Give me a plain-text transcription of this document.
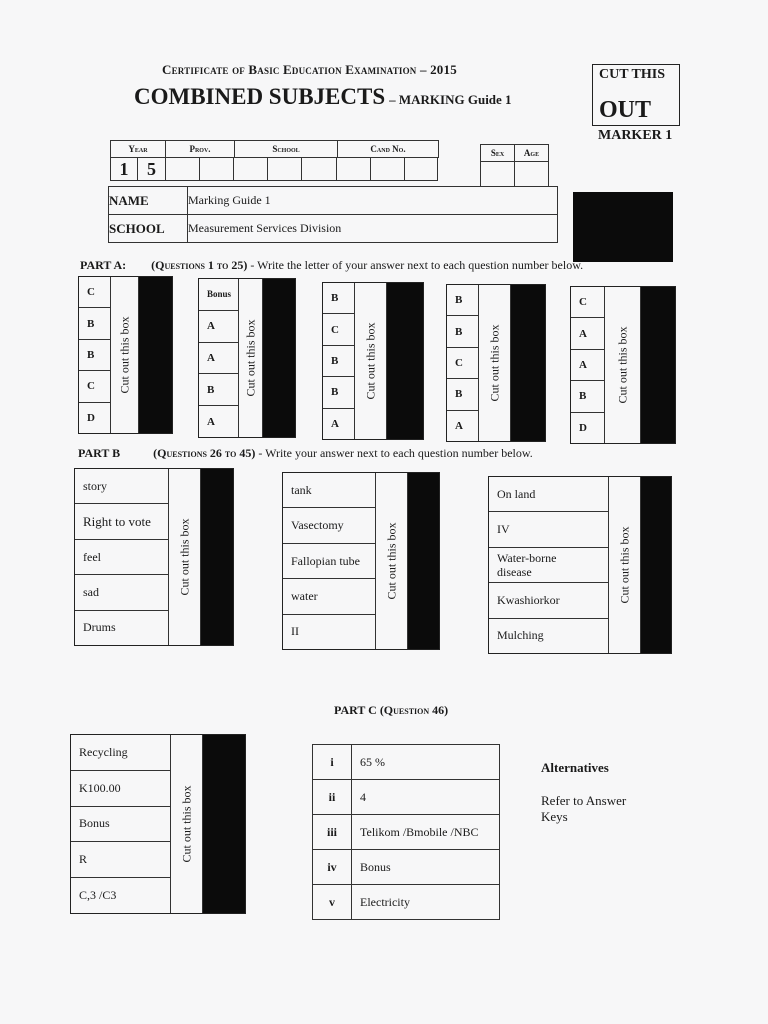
Certificate of Basic Education Examination – 2015
COMBINED SUBJECTS – MARKING Guide 1
CUT THIS
OUT
MARKER 1
Year	Prov.	School	Cand No.
1	5								
Sex	Age

NAME	Marking Guide 1
SCHOOL	Measurement Services Division
PART A: (Questions 1 to 25) - Write the letter of your answer next to each question number below.
C
B
B
C
D
Cut out this box
Bonus
A
A
B
A
Cut out this box
B
C
B
B
A
Cut out this box
B
B
C
B
A
Cut out this box
C
A
A
B
D
Cut out this box
PART B	(Questions 26 to 45) - Write your answer next to each question number below.
story
Right to vote
feel
sad
Drums
Cut out this box
tank
Vasectomy
Fallopian tube
water
II
Cut out this box
On land
IV
Water-borne disease
Kwashiorkor
Mulching
Cut out this box
PART C (Question 46)
Recycling
K100.00
Bonus
R
C,3 /C3
Cut out this box
i	65 %
ii	4
iii	Telikom /Bmobile /NBC
iv	Bonus
v	Electricity
Alternatives
Refer to Answer Keys
